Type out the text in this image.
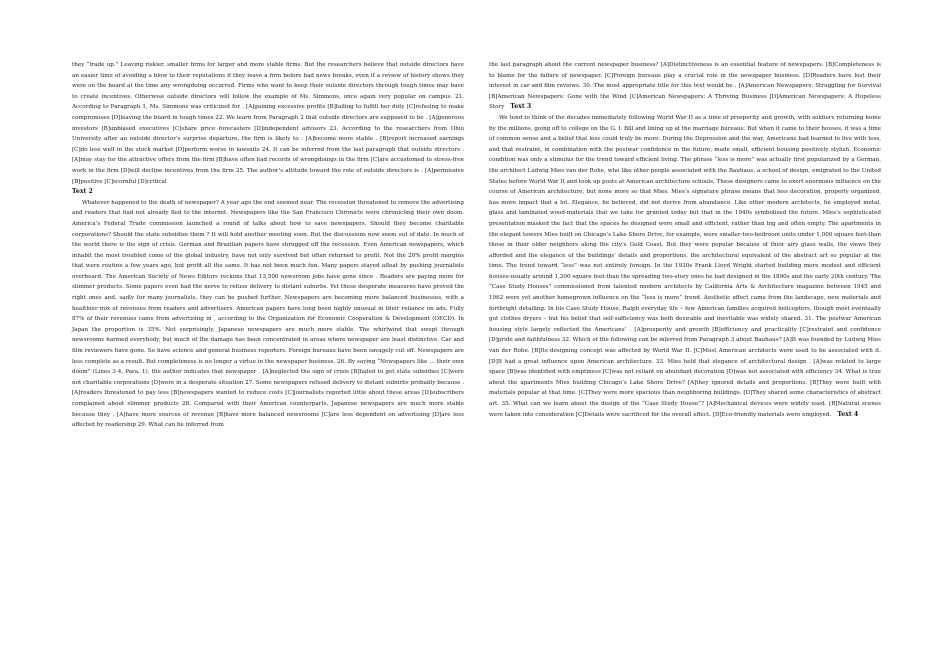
they “trade up.” Leaving riskier, smaller firms for larger and more stable firms. But the researchers believe that outside directors have an easier time of avoiding a blow to their reputations if they leave a firm before bad news breaks, even if a review of history shows they were on the board at the time any wrongdoing occurred. Firms who want to keep their outside directors through tough times may have to create incentives. Otherwise outside directors will follow the example of Ms. Simmons, once again very popular on campus. 21. According to Paragraph 1, Ms. Simmons was criticized for . [A]gaining excessive profits [B]failing to fulfill her duty [C]refusing to make compromises [D]leaving the board in tough times 22. We learn from Paragraph 2 that outside directors are supposed to be . [A]generous investors [B]unbiased executives [C]share price forecasters [D]independent advisors 23. According to the researchers from Ohio University after an outside director’s surprise departure, the firm is likely to . [A]become more stable . [B]report increased earnings [C]do less well in the stock market [D]perform worse in lawsuits 24. It can be inferred from the last paragraph that outside directors . [A]may stay for the attractive offers from the firm [B]have often had records of wrongdoings in the firm [C]are accustomed to stress-free work in the firm [D]will decline incentives from the firm 25. The author’s attitude toward the role of outside directors is . [A]permissive [B]positive [C]scornful [D]critical

Text 2

Whatever happened to the death of newspaper? A year ago the end seemed near. The recession threatened to remove the advertising and readers that had not already fled to the internet. Newspapers like the San Francisco Chronicle were chronicling their own doom. America’s Federal Trade commission launched a round of talks about how to save newspapers. Should they become charitable corporations? Should the state subsidize them ? It will hold another meeting soon. But the discussions now seem out of date. In much of the world there is the sign of crisis. German and Brazilian papers have shrugged off the recession. Even American newspapers, which inhabit the most troubled come of the global industry, have not only survived but often returned to profit. Not the 20% profit margins that were routine a few years ago, but profit all the same. It has not been much fun. Many papers stayed afloat by pushing journalists overboard. The American Society of News Editors reckons that 13,500 newsroom jobs have gone since . Readers are paying more for slimmer products. Some papers even had the nerve to refuse delivery to distant suburbs. Yet these desperate measures have proved the right ones and, sadly for many journalists, they can be pushed further. Newspapers are becoming more balanced businesses, with a healthier mix of revenues from readers and advertisers. American papers have long been highly unusual in their reliance on ads. Fully 87% of their revenues came from advertising in , according to the Organization for Economic Cooperation & Development (OECD). In Japan the proportion is 35%. Not surprisingly, Japanese newspapers are much more stable. The whirlwind that swept through newsrooms harmed everybody, but much of the damage has been concentrated in areas where newspaper are least distinctive. Car and film reviewers have gone. So have science and general business reporters. Foreign bureaus have been savagely cut off. Newspapers are less complete as a result. But completeness is no longer a virtue in the newspaper business. 26. By saying “Newspapers like … their own doom” (Lines 3-4, Para. 1), the author indicates that newspaper . [A]neglected the sign of crisis [B]failed to get state subsidies [C]were not charitable corporations [D]were in a desperate situation 27. Some newspapers refused delivery to distant suburbs probably because . [A]readers threatened to pay less [B]newspapers wanted to reduce costs [C]journalists reported little about these areas [D]subscribers complained about slimmer products 28. Compared with their American counterparts, Japanese newspapers are much more stable because they . [A]have more sources of revenue [B]have more balanced newsrooms [C]are less dependent on advertising [D]are less affected by readership 29. What can be inferred from

the last paragraph about the current newspaper business? [A]Distinctiveness is an essential feature of newspapers. [B]Completeness is to blame for the failure of newspaper. [C]Foreign bureaus play a crucial role in the newspaper business. [D]Readers have lost their interest in car and film reviews. 30. The most appropriate title for this text would be . [A]American Newspapers: Struggling for Survival [B]American Newspapers: Gone with the Wind [C]American Newspapers: A Thriving Business [D]American Newspapers: A Hopeless Story Text 3

We tend to think of the decades immediately following World War II as a time of prosperity and growth, with soldiers returning home by the millions, going off to college on the G. I. Bill and lining up at the marriage bureaus. But when it came to their houses, it was a time of common sense and a belief that less could truly be more. During the Depression and the war, Americans had learned to live with less, and that restraint, in combination with the postwar confidence in the future, made small, efficient housing positively stylish. Economic condition was only a stimulus for the trend toward efficient living. The phrase “less is more” was actually first popularized by a German, the architect Ludwig Mies van der Rohe, who like other people associated with the Bauhaus, a school of design, emigrated to the United States before World War II and took up posts at American architecture schools. These designers came to exert enormous influence on the course of American architecture, but none more so that Mies. Mies’s signature phrase means that less decoration, properly organized, has more impact that a lot. Elegance, he believed, did not derive from abundance. Like other modern architects, he employed metal, glass and laminated wood-materials that we take for granted today but that in the 1940s symbolized the future. Mies’s sophisticated presentation masked the fact that the spaces he designed were small and efficient, rather than big and often empty. The apartments in the elegant towers Mies built on Chicago’s Lake Shore Drive, for example, were smaller-two-bedroom units under 1,000 square feet-than those in their older neighbors along the city’s Gold Coast. But they were popular because of their airy glass walls, the views they afforded and the elegance of the buildings’ details and proportions, the architectural equivalent of the abstract art so popular at the time. The trend toward “less” was not entirely foreign. In the 1930s Frank Lloyd Wright started building more modest and efficient houses-usually around 1,200 square feet-than the spreading two-story ones he had designed in the 1890s and the early 20th century. The “Case Study Houses” commissioned from talented modern architects by California Arts & Architecture magazine between 1945 and 1962 were yet another homegrown influence on the “less is more” trend. Aesthetic effect came from the landscape, new materials and forthright detailing. In his Case Study House, Ralph everyday life – few American families acquired helicopters, though most eventually got clothes dryers – but his belief that self-sufficiency was both desirable and inevitable was widely shared. 31. The postwar American housing style largely reflected the Americans’ . [A]prosperity and growth [B]efficiency and practicality [C]restraint and confidence [D]pride and faithfulness 32. Which of the following can be inferred from Paragraph 3 about Bauhaus? [A]It was founded by Ludwig Mies van der Rohe. [B]Its designing concept was affected by World War II. [C]Most American architects were used to be associated with it. [D]It had a great influence upon American architecture. 33. Mies held that elegance of architectural design . [A]was related to large space [B]was identified with emptiness [C]was not reliant on abundant decoration [D]was not associated with efficiency 34. What is true about the apartments Mies building Chicago’s Lake Shore Drive? [A]they ignored details and proportions. [B]They were built with materials popular at that time. [C]They were more spacious than neighboring buildings. [D]They shared some characteristics of abstract art. 35. What can we learn about the design of the “Case Study House”? [A]Mechanical devices were widely used. [B]Natural scenes were taken into consideration [C]Details were sacrificed for the overall effect. [D]Eco-friendly materials were employed. Text 4
